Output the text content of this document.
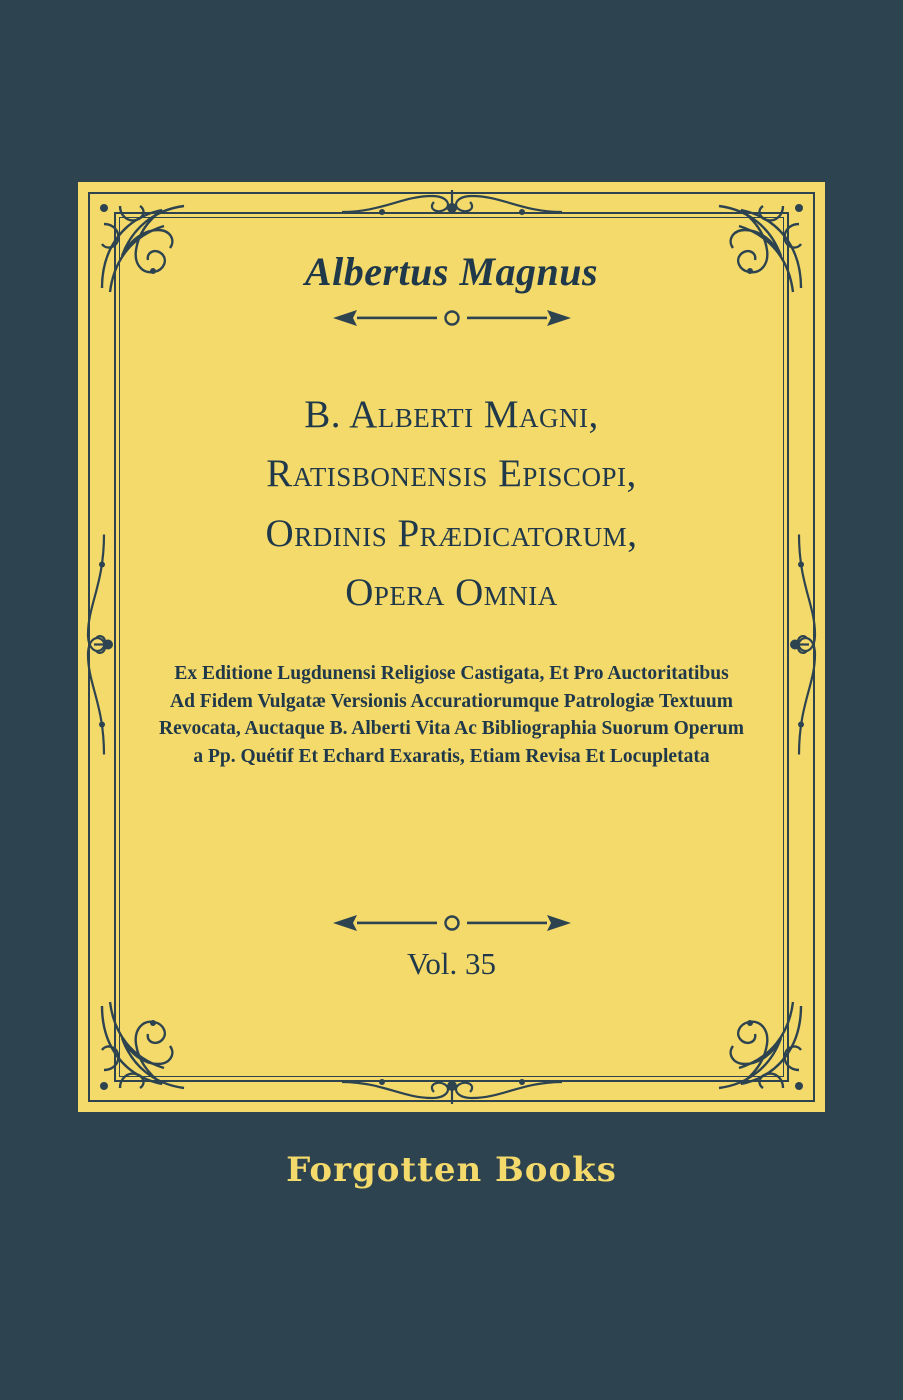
Albertus Magnus
B. Alberti Magni,
Ratisbonensis Episcopi,
Ordinis Prædicatorum,
Opera Omnia
Ex Editione Lugdunensi Religiose Castigata, Et Pro Auctoritatibus
Ad Fidem Vulgatæ Versionis Accuratiorumque Patrologiæ Textuum
Revocata, Auctaque B. Alberti Vita Ac Bibliographia Suorum Operum
a Pp. Quétif Et Echard Exaratis, Etiam Revisa Et Locupletata
Vol. 35
Forgotten Books
